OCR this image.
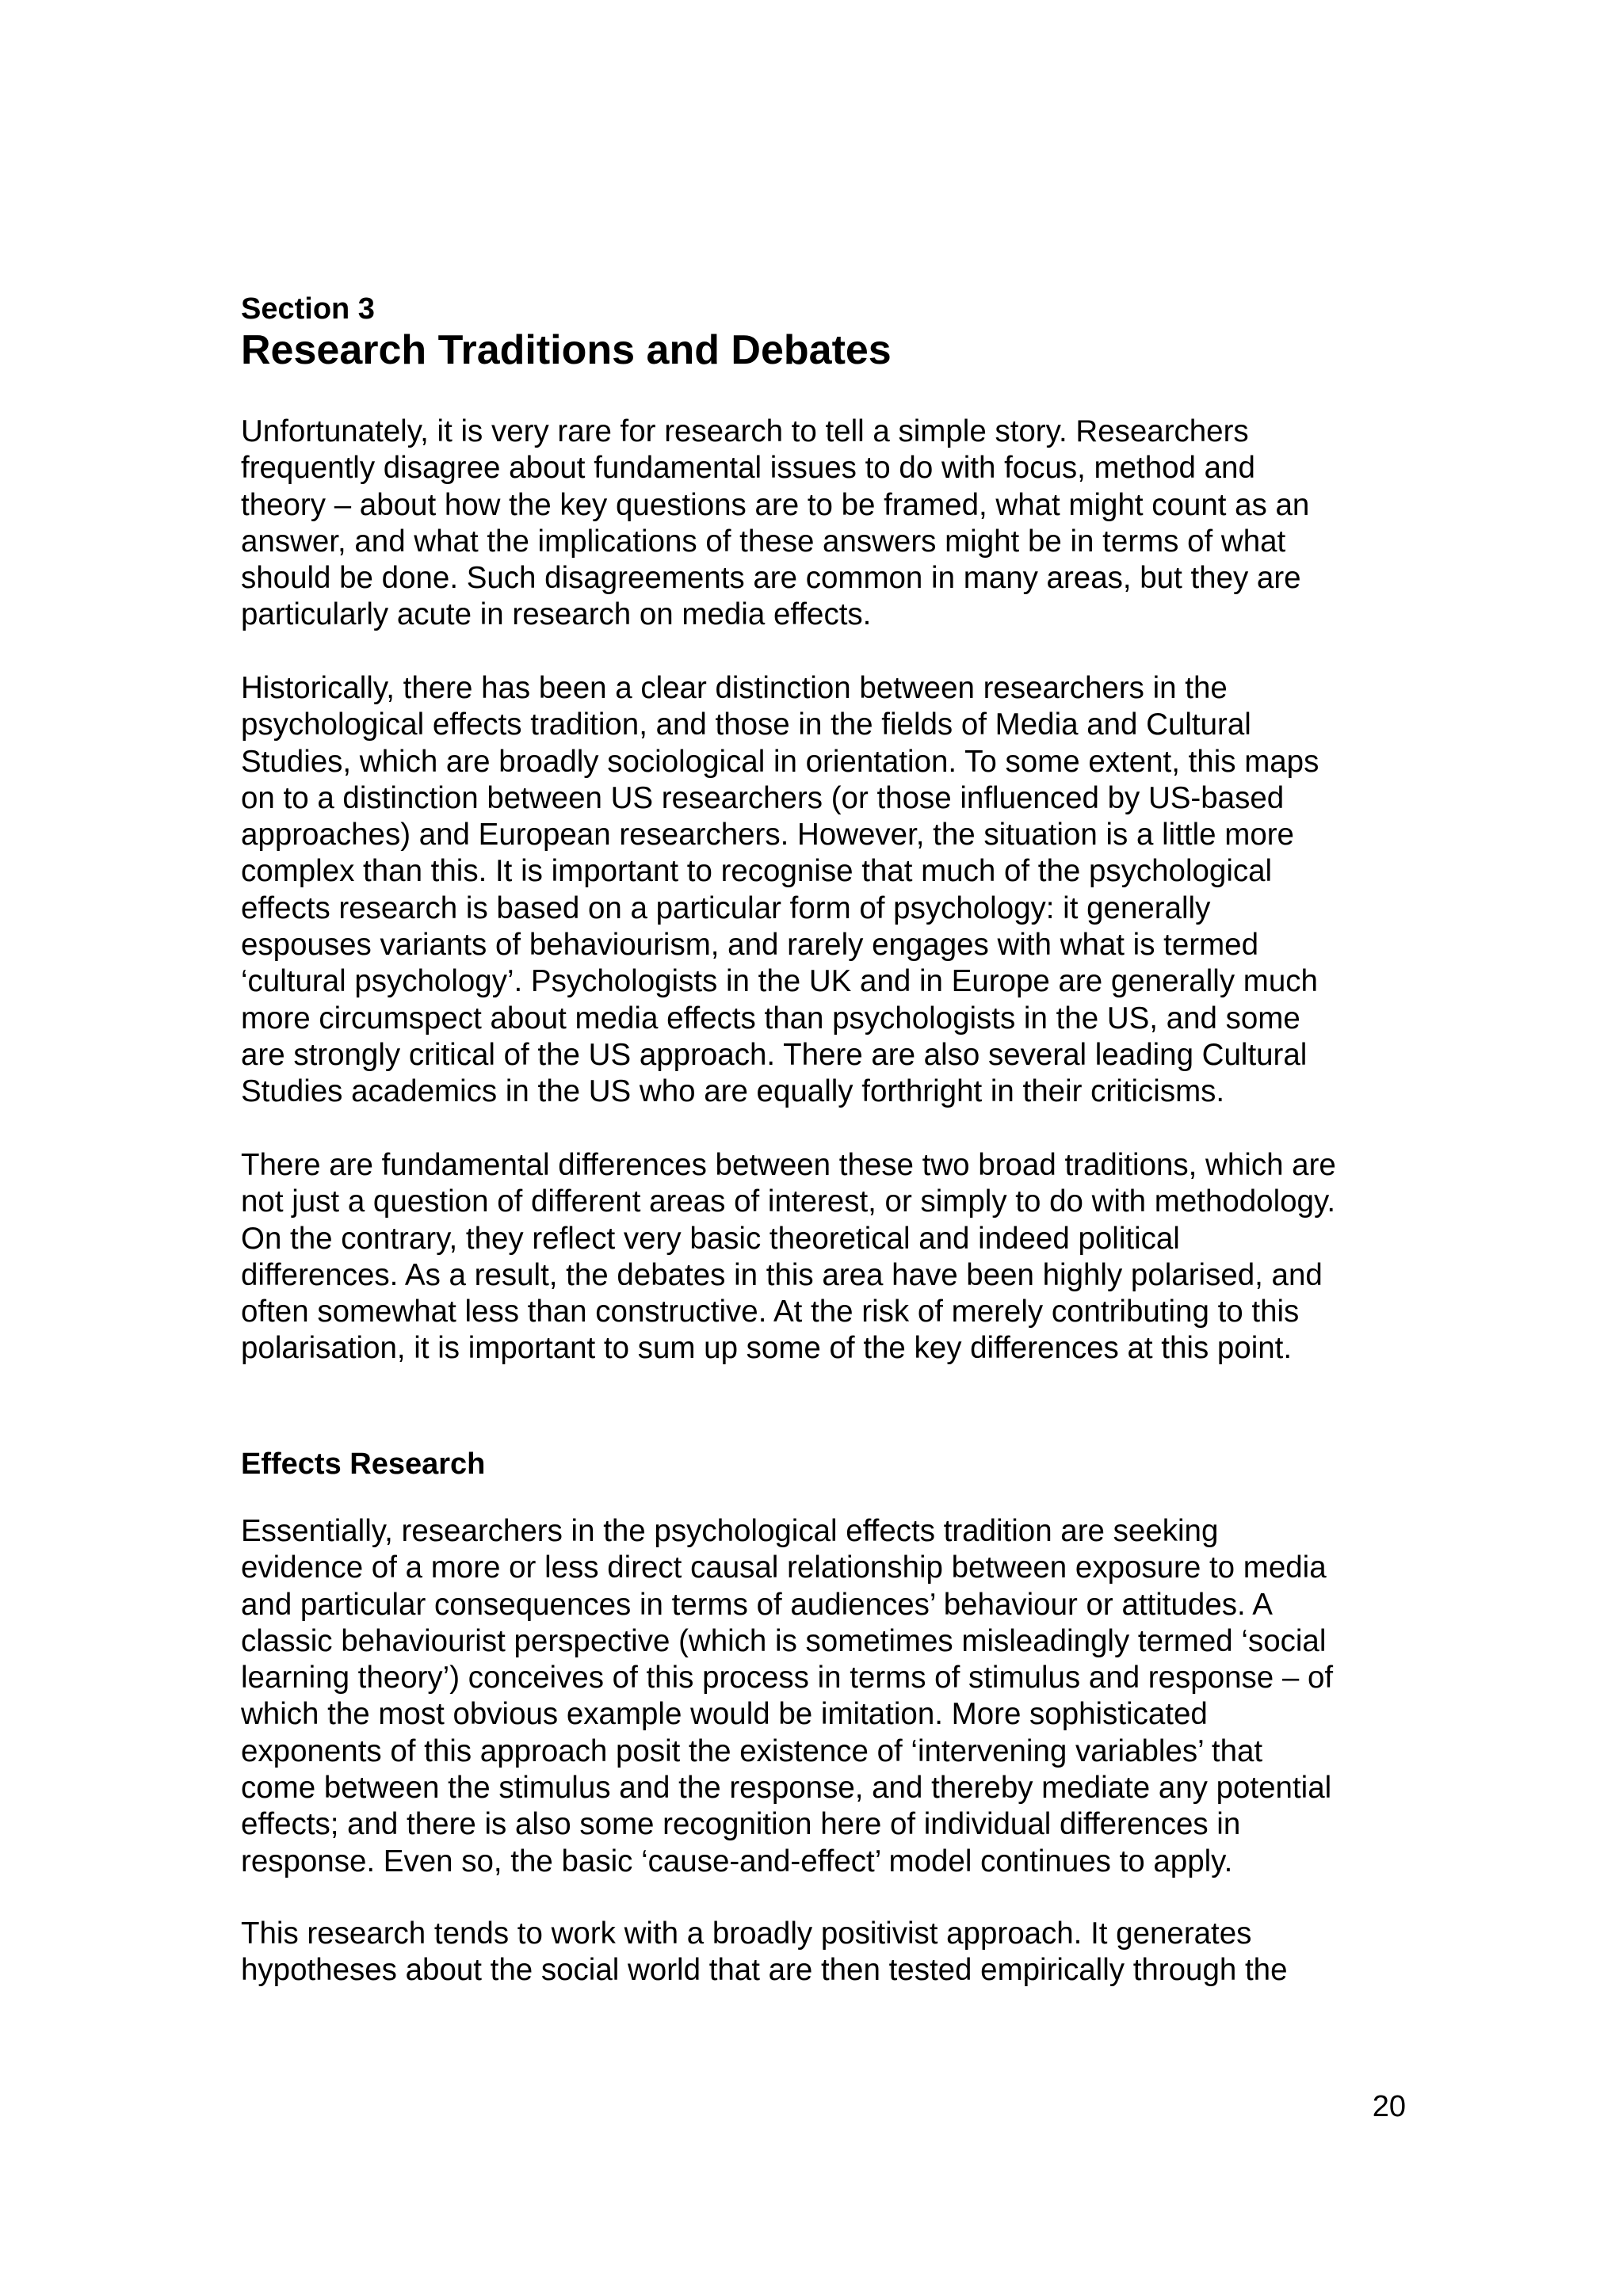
Section 3
Research Traditions and Debates

Unfortunately, it is very rare for research to tell a simple story. Researchers
frequently disagree about fundamental issues to do with focus, method and
theory – about how the key questions are to be framed, what might count as an
answer, and what the implications of these answers might be in terms of what
should be done. Such disagreements are common in many areas, but they are
particularly acute in research on media effects.

Historically, there has been a clear distinction between researchers in the
psychological effects tradition, and those in the fields of Media and Cultural
Studies, which are broadly sociological in orientation. To some extent, this maps
on to a distinction between US researchers (or those influenced by US-based
approaches) and European researchers. However, the situation is a little more
complex than this. It is important to recognise that much of the psychological
effects research is based on a particular form of psychology: it generally
espouses variants of behaviourism, and rarely engages with what is termed
‘cultural psychology’. Psychologists in the UK and in Europe are generally much
more circumspect about media effects than psychologists in the US, and some
are strongly critical of the US approach. There are also several leading Cultural
Studies academics in the US who are equally forthright in their criticisms.

There are fundamental differences between these two broad traditions, which are
not just a question of different areas of interest, or simply to do with methodology.
On the contrary, they reflect very basic theoretical and indeed political
differences. As a result, the debates in this area have been highly polarised, and
often somewhat less than constructive. At the risk of merely contributing to this
polarisation, it is important to sum up some of the key differences at this point.

Effects Research

Essentially, researchers in the psychological effects tradition are seeking
evidence of a more or less direct causal relationship between exposure to media
and particular consequences in terms of audiences’ behaviour or attitudes. A
classic behaviourist perspective (which is sometimes misleadingly termed ‘social
learning theory’) conceives of this process in terms of stimulus and response – of
which the most obvious example would be imitation. More sophisticated
exponents of this approach posit the existence of ‘intervening variables’ that
come between the stimulus and the response, and thereby mediate any potential
effects; and there is also some recognition here of individual differences in
response. Even so, the basic ‘cause-and-effect’ model continues to apply.

This research tends to work with a broadly positivist approach. It generates
hypotheses about the social world that are then tested empirically through the

20
